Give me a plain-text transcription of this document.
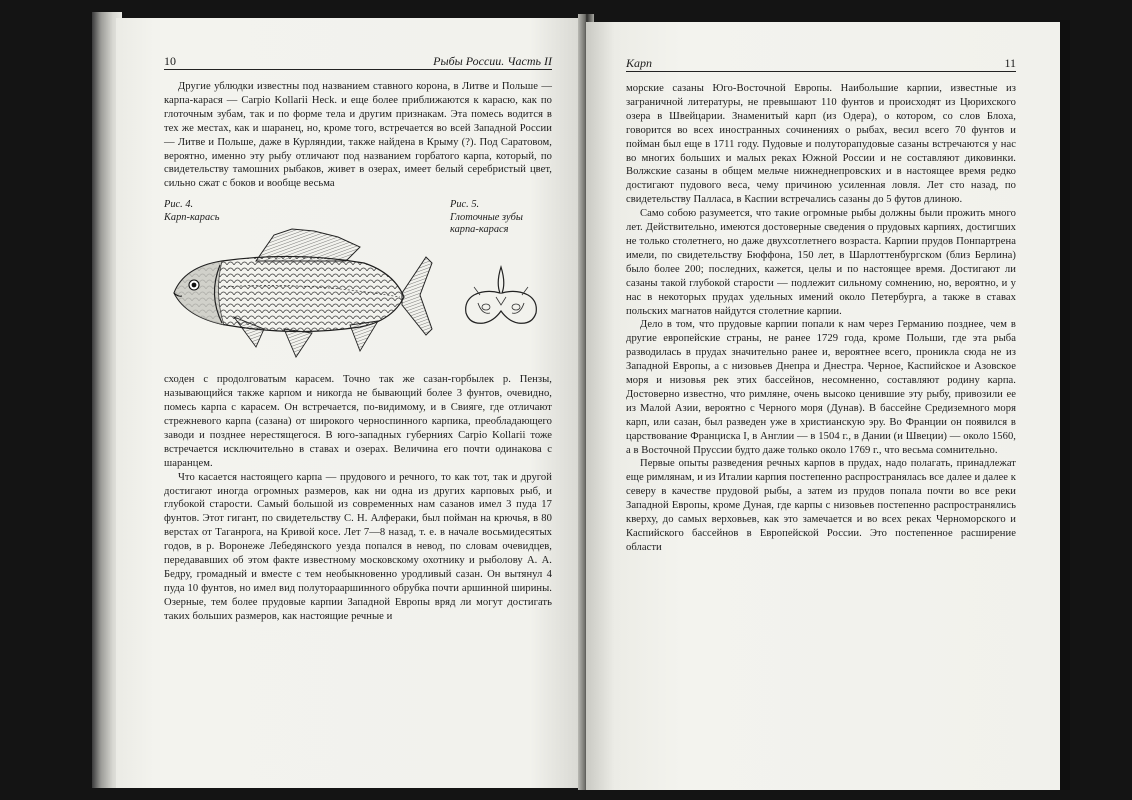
10	Рыбы России. Часть II

Другие ублюдки известны под названием ставного корона, в Литве и Польше — карпа-карася — Carpio Kollarii Heck. и еще более приближаются к карасю, как по глоточным зубам, так и по форме тела и другим признакам. Эта помесь водится в тех же местах, как и шаранец, но, кроме того, встречается во всей Западной России — Литве и Польше, даже в Курляндии, также найдена в Крыму (?). Под Саратовом, вероятно, именно эту рыбу отличают под названием горбатого карпа, который, по свидетельству тамошних рыбаков, живет в озерах, имеет белый серебристый цвет, сильно сжат с боков и вообще весьма

Рис. 4.
Карп-карась
Рис. 5.
Глоточные зубы
карпа-карася

сходен с продолговатым карасем. Точно так же сазан-горбылек р. Пензы, называющийся также карпом и никогда не бывающий более 3 фунтов, очевидно, помесь карпа с карасем. Он встречается, по-видимому, и в Свияге, где отличают стрежневого карпа (сазана) от широкого черноспинного карпика, преобладающего заводи и позднее нерестящегося. В юго-западных губерниях Carpio Kollarii тоже встречается исключительно в ставах и озерах. Величина его почти одинакова с шаранцем.

Что касается настоящего карпа — прудового и речного, то как тот, так и другой достигают иногда огромных размеров, как ни одна из других карповых рыб, и глубокой старости. Самый большой из современных нам сазанов имел 3 пуда 17 фунтов. Этот гигант, по свидетельству С. Н. Алфераки, был пойман на крючья, в 80 верстах от Таганрога, на Кривой косе. Лет 7—8 назад, т. е. в начале восьмидесятых годов, в р. Воронеже Лебедянского уезда попался в невод, по словам очевидцев, передававших об этом факте известному московскому охотнику и рыболову А. А. Бедру, громадный и вместе с тем необыкновенно уродливый сазан. Он вытянул 4 пуда 10 фунтов, но имел вид полуторааршинного обрубка почти аршинной ширины. Озерные, тем более прудовые карпии Западной Европы вряд ли могут достигать таких больших размеров, как настоящие речные и

Карп	11

морские сазаны Юго-Восточной Европы. Наибольшие карпии, известные из заграничной литературы, не превышают 110 фунтов и происходят из Цюрихского озера в Швейцарии. Знаменитый карп (из Одера), о котором, со слов Блоха, говорится во всех иностранных сочинениях о рыбах, весил всего 70 фунтов и пойман был еще в 1711 году. Пудовые и полуторапудовые сазаны встречаются у нас во многих больших и малых реках Южной России и не составляют диковинки. Волжские сазаны в общем мельче нижнеднепровских и в настоящее время редко достигают пудового веса, чему причиною усиленная ловля. Лет сто назад, по свидетельству Палласа, в Каспии встречались сазаны до 5 футов длиною.

Само собою разумеется, что такие огромные рыбы должны были прожить много лет. Действительно, имеются достоверные сведения о прудовых карпиях, достигших не только столетнего, но даже двухсотлетнего возраста. Карпии прудов Понпартрена имели, по свидетельству Бюффона, 150 лет, в Шарлоттенбургском (близ Берлина) было более 200; последних, кажется, целы и по настоящее время. Достигают ли сазаны такой глубокой старости — подлежит сильному сомнению, но, вероятно, и у нас в некоторых прудах удельных имений около Петербурга, а также в ставах польских магнатов найдутся столетние карпии.

Дело в том, что прудовые карпии попали к нам через Германию позднее, чем в другие европейские страны, не ранее 1729 года, кроме Польши, где эта рыба разводилась в прудах значительно ранее и, вероятнее всего, проникла сюда не из Западной Европы, а с низовьев Днепра и Днестра. Черное, Каспийское и Азовское моря и низовья рек этих бассейнов, несомненно, составляют родину карпа. Достоверно известно, что римляне, очень высоко ценившие эту рыбу, привозили ее из Малой Азии, вероятно с Черного моря (Дунав). В бассейне Средиземного моря карп, или сазан, был разведен уже в христианскую эру. Во Франции он появился в царствование Франциска I, в Англии — в 1504 г., в Дании (и Швеции) — около 1560, а в Восточной Пруссии будто даже только около 1769 г., что весьма сомнительно.

Первые опыты разведения речных карпов в прудах, надо полагать, принадлежат еще римлянам, и из Италии карпия постепенно распространялась все далее и далее к северу в качестве прудовой рыбы, а затем из прудов попала почти во все реки Западной Европы, кроме Дуная, где карпы с низовьев постепенно распространялись кверху, до самых верховьев, как это замечается и во всех реках Черноморского и Каспийского бассейнов в Европейской России. Это постепенное расширение области
